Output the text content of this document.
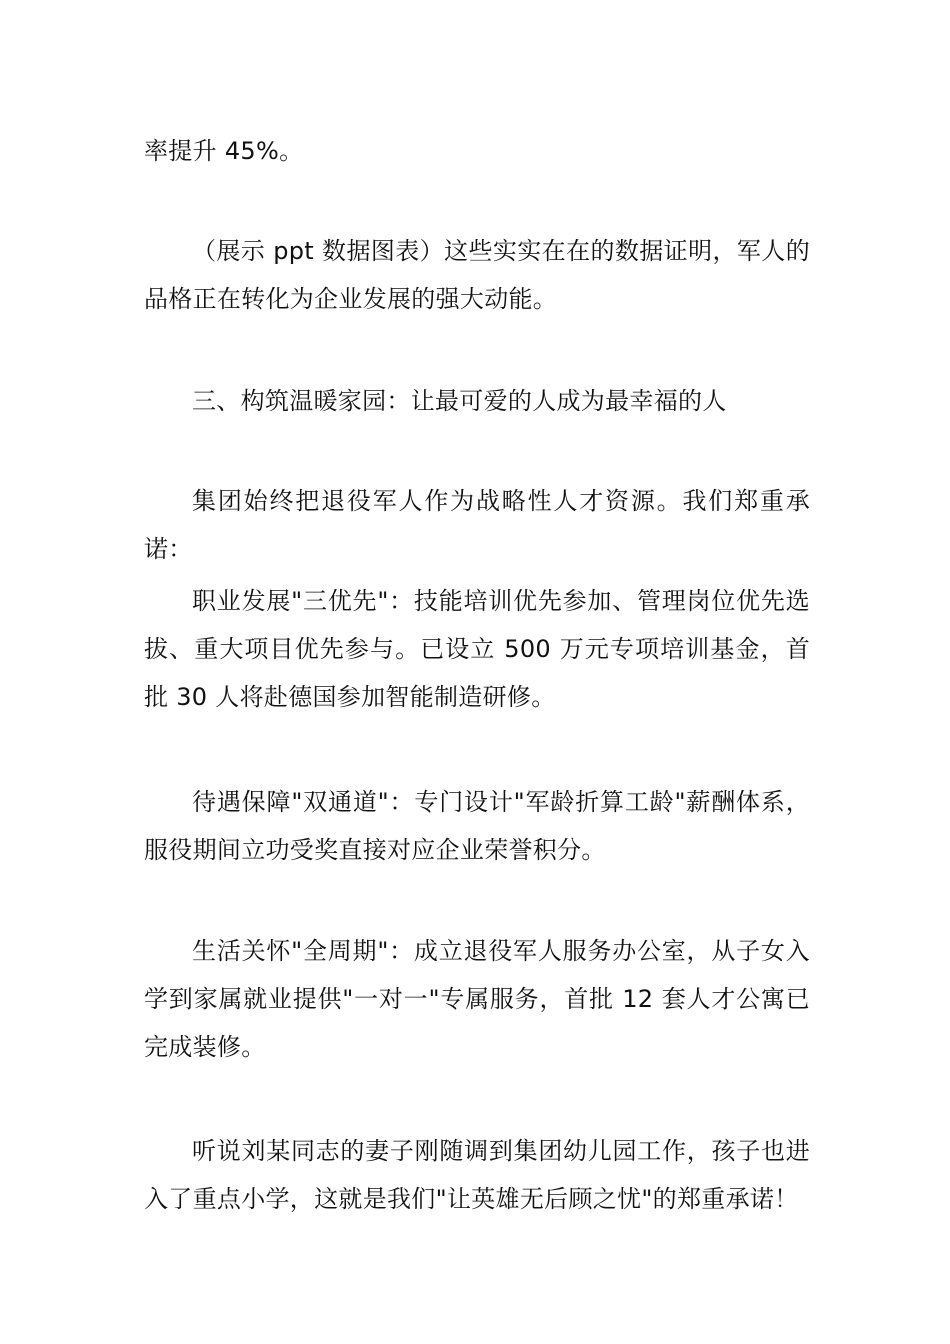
率提升 45%。

（展示 ppt 数据图表）这些实实在在的数据证明，军人的品格正在转化为企业发展的强大动能。

三、构筑温暖家园：让最可爱的人成为最幸福的人

集团始终把退役军人作为战略性人才资源。我们郑重承诺：

职业发展"三优先"：技能培训优先参加、管理岗位优先选拔、重大项目优先参与。已设立 500 万元专项培训基金，首批 30 人将赴德国参加智能制造研修。

待遇保障"双通道"：专门设计"军龄折算工龄"薪酬体系，服役期间立功受奖直接对应企业荣誉积分。

生活关怀"全周期"：成立退役军人服务办公室，从子女入学到家属就业提供"一对一"专属服务，首批 12 套人才公寓已完成装修。

听说刘某同志的妻子刚随调到集团幼儿园工作，孩子也进入了重点小学，这就是我们"让英雄无后顾之忧"的郑重承诺！
